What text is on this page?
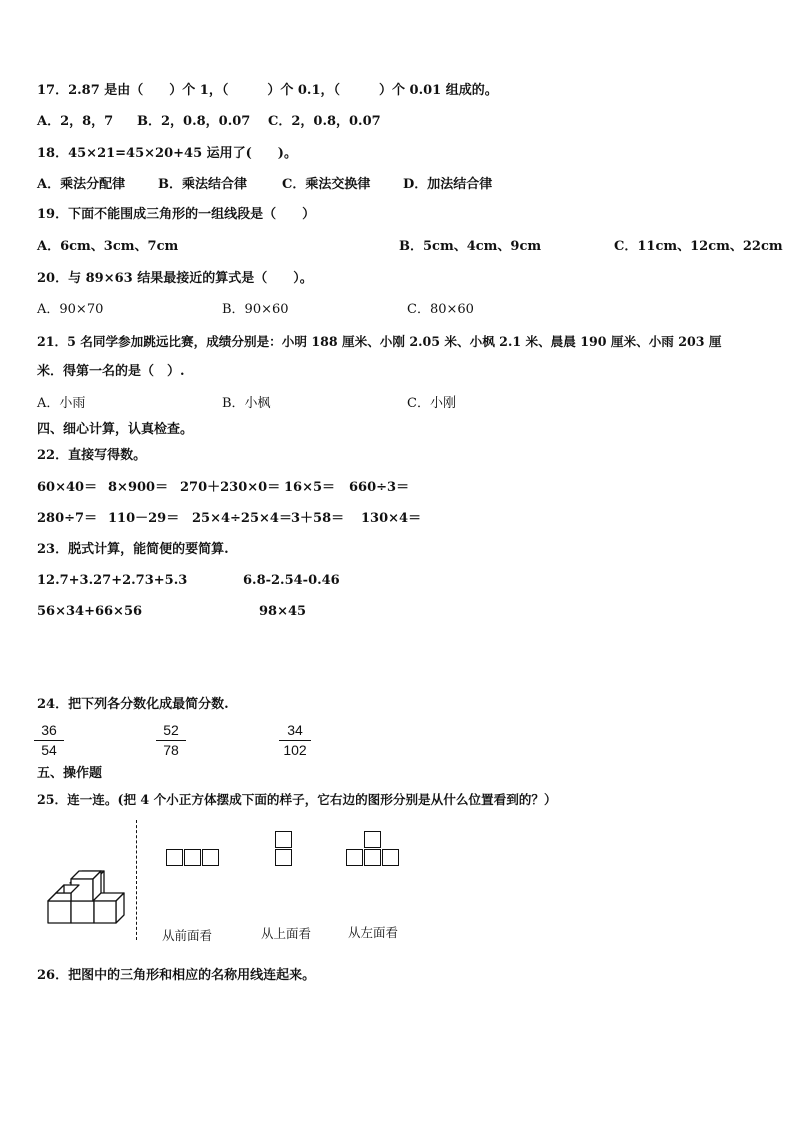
17．2.87 是由（　　）个 1，（　　　）个 0.1，（　　　）个 0.01 组成的。
A．2，8，7 B．2，0.8，0.07 C．2，0.8，0.07
18．45×21=45×20+45 运用了(　　)。
A．乘法分配律	B．乘法结合律	C．乘法交换律	D．加法结合律
19．下面不能围成三角形的一组线段是（　　）
A．6cm、3cm、7cm	B．5cm、4cm、9cm	C．11cm、12cm、22cm
20．与 89×63 结果最接近的算式是（　　）。
A．90×70	B．90×60	C．80×60
21．5 名同学参加跳远比赛，成绩分别是：小明 188 厘米、小刚 2.05 米、小枫 2.1 米、晨晨 190 厘米、小雨 203 厘
米．得第一名的是（　）.
A．小雨	B．小枫	C．小刚
四、细心计算，认真检查。
22．直接写得数。
60×40＝ 8×900＝ 270＋230×0＝ 16×5＝ 660÷3＝
280÷7＝ 110－29＝ 25×4÷25×4＝ 3＋58＝ 130×4＝
23．脱式计算，能简便的要简算.
12.7+3.27+2.73+5.3	6.8-2.54-0.46
56×34+66×56	98×45
24．把下列各分数化成最简分数.
36
54
52
78
34
102
五、操作题
25．连一连。(把 4 个小正方体摆成下面的样子，它右边的图形分别是从什么位置看到的？）
从前面看	从上面看	从左面看
26．把图中的三角形和相应的名称用线连起来。
